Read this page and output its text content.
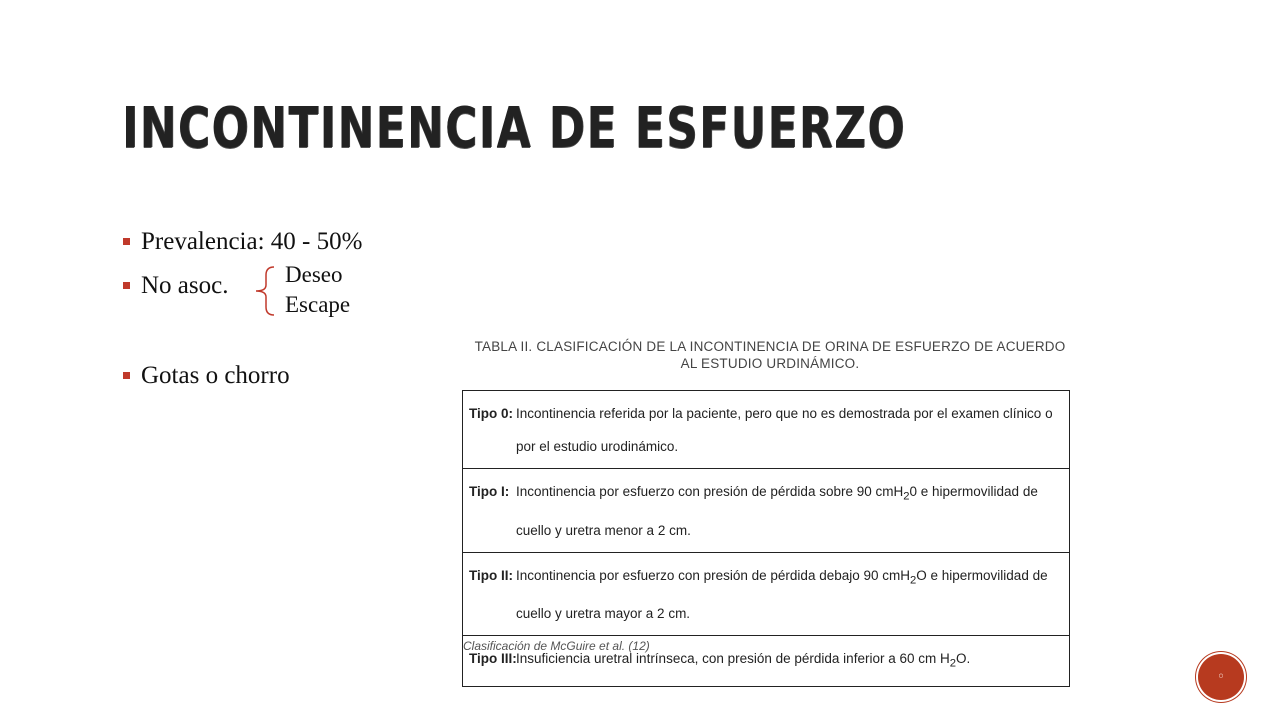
INCONTINENCIA DE ESFUERZO
Prevalencia: 40 - 50%
No asoc.
Gotas o chorro
Deseo
Escape
TABLA II. CLASIFICACIÓN DE LA INCONTINENCIA DE ORINA DE ESFUERZO DE ACUERDO
AL ESTUDIO URDINÁMICO.
Tipo 0: Incontinencia referida por la paciente, pero que no es demostrada por el examen clínico o por el estudio urodinámico.
Tipo I: Incontinencia por esfuerzo con presión de pérdida sobre 90 cmH$_2$0 e hipermovilidad de cuello y uretra menor a 2 cm.
Tipo II: Incontinencia por esfuerzo con presión de pérdida debajo 90 cmH$_2$O e hipermovilidad de cuello y uretra mayor a 2 cm.
Tipo III: Insuficiencia uretral intrínseca, con presión de pérdida inferior a 60 cm $H_2O$.
Clasificación de McGuire et al. (12)
◦
